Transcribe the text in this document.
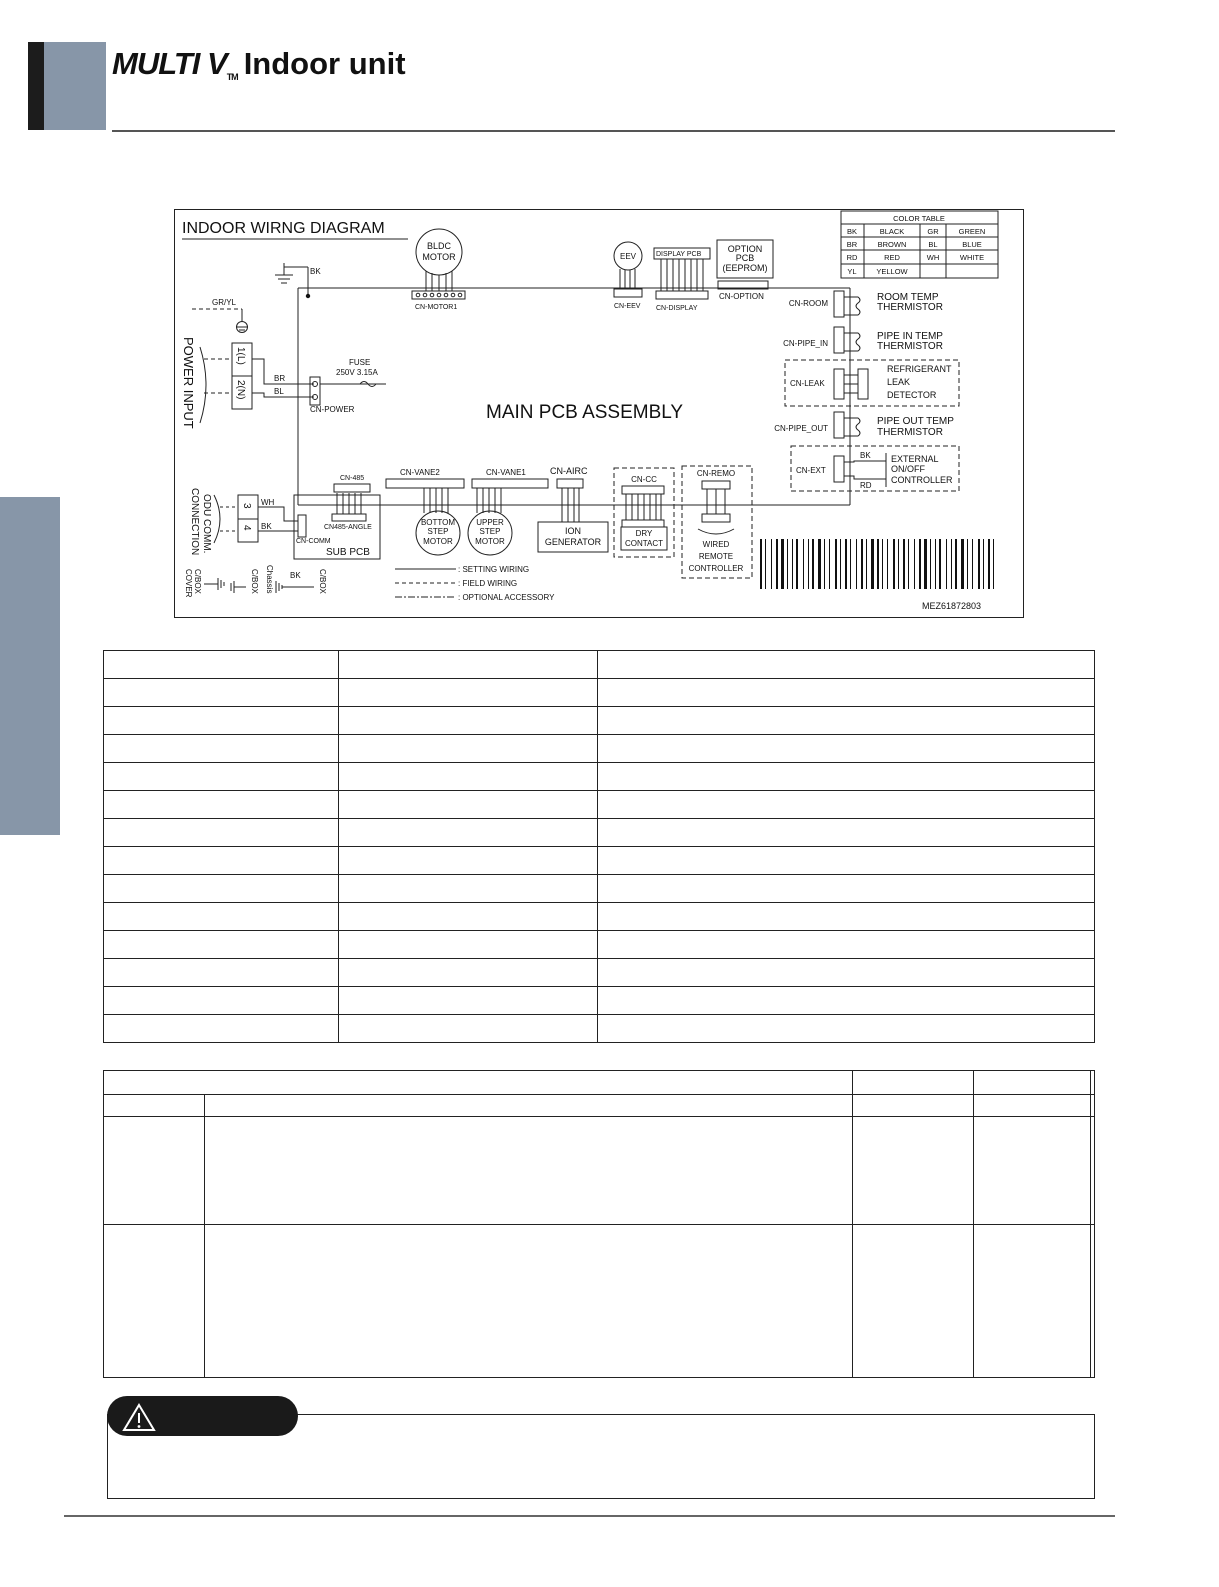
MULTI VTM Indoor unit
INDOOR WIRNG DIAGRAM
MAIN PCB ASSEMBLY
BK
GR/YL
POWER INPUT	1(L)
2(N)
BR
BL
CN-POWER
FUSE
250V 3.15A
BLDC
MOTOR
CN-MOTOR1
EEV
CN-EEV
DISPLAY PCB
CN-DISPLAY
OPTION
PCB
(EEPROM)
CN-OPTION
COLOR TABLE
BK	BLACK	GR	GREEN
BR	BROWN	BL	BLUE
RD	RED	WH	WHITE
YL	YELLOW
CN-ROOM
ROOM TEMP
THERMISTOR
CN-PIPE_IN
PIPE IN TEMP
THERMISTOR
CN-LEAK
REFRIGERANT
LEAK
DETECTOR
CN-PIPE_OUT
PIPE OUT TEMP
THERMISTOR
CN-EXT
BK
RD
EXTERNAL
ON/OFF
CONTROLLER
ODU COMM.
CONNECTION	3
4
WH
BK
CN-COMM
CN485-ANGLE
SUB PCB
CN-485
CN-VANE2
BOTTOM
STEP
MOTOR
CN-VANE1
UPPER
STEP
MOTOR
CN-AIRC
ION
GENERATOR
CN-CC
DRY
CONTACT
CN-REMO
WIRED
REMOTE
CONTROLLER
: SETTING WIRING
: FIELD WIRING
: OPTIONAL ACCESSORY
C/BOX
COVER	C/BOX Chassis BK C/BOX
MEZ61872803
